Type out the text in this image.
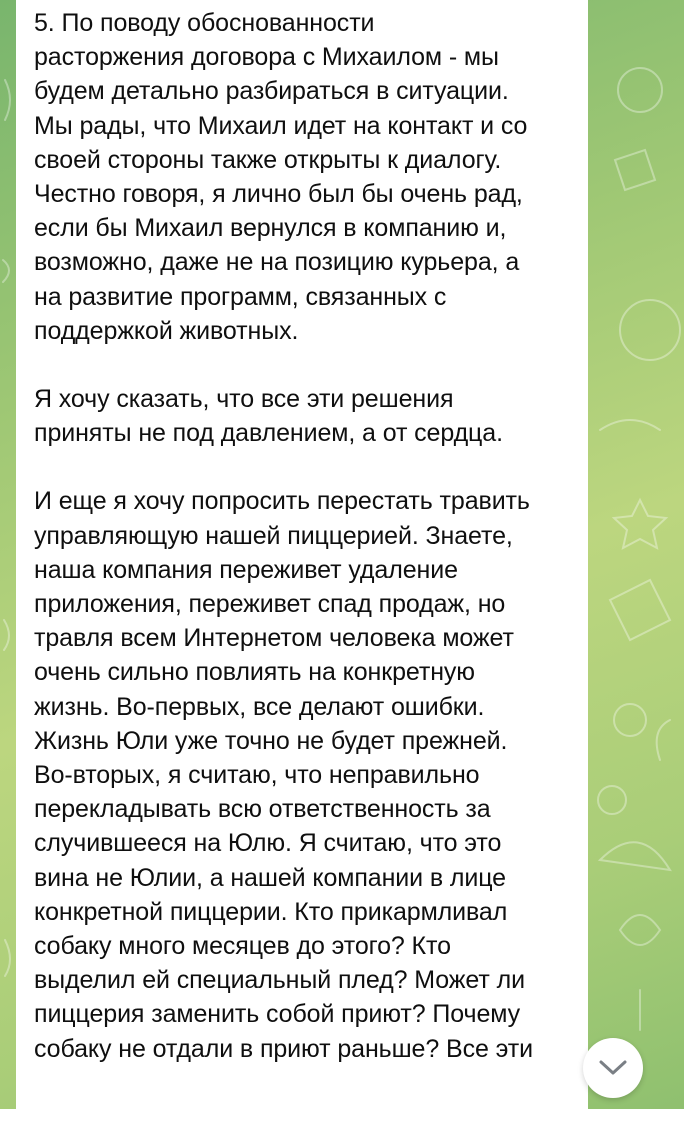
5. По поводу обоснованности
расторжения договора с Михаилом - мы
будем детально разбираться в ситуации.
Мы рады, что Михаил идет на контакт и со
своей стороны также открыты к диалогу.
Честно говоря, я лично был бы очень рад,
если бы Михаил вернулся в компанию и,
возможно, даже не на позицию курьера, а
на развитие программ, связанных с
поддержкой животных.

Я хочу сказать, что все эти решения
приняты не под давлением, а от сердца.

И еще я хочу попросить перестать травить
управляющую нашей пиццерией. Знаете,
наша компания переживет удаление
приложения, переживет спад продаж, но
травля всем Интернетом человека может
очень сильно повлиять на конкретную
жизнь. Во-первых, все делают ошибки.
Жизнь Юли уже точно не будет прежней.
Во-вторых, я считаю, что неправильно
перекладывать всю ответственность за
случившееся на Юлю. Я считаю, что это
вина не Юлии, а нашей компании в лице
конкретной пиццерии. Кто прикармливал
собаку много месяцев до этого? Кто
выделил ей специальный плед? Может ли
пиццерия заменить собой приют? Почему
собаку не отдали в приют раньше? Все эти
